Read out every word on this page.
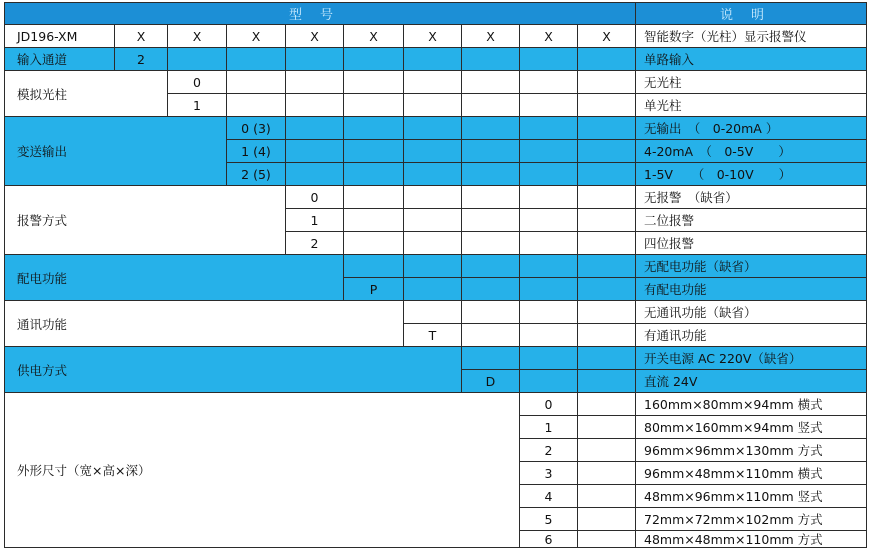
型号	说明
JD196-XM	X	X	X	X	X	X	X	X	X	智能数字（光柱）显示报警仪
输入通道	2	单路输入
模拟光柱
0	无光柱
1	单光柱
变送输出
0 (3)	无输出　（　0-20mA ）
1 (4)	4-20mA　（　0-5V　　）
2 (5)	1-5V　　（　0-10V　　）
报警方式
0	无报警　（缺省）
1	二位报警
2	四位报警
配电功能
无配电功能（缺省）
P	有配电功能
通讯功能
无通讯功能（缺省）
T	有通讯功能
供电方式
开关电源 AC 220V（缺省）
D	直流 24V
外形尺寸（宽×高×深）
0	160mm×80mm×94mm 横式
1	80mm×160mm×94mm 竖式
2	96mm×96mm×130mm 方式
3	96mm×48mm×110mm 横式
4	48mm×96mm×110mm 竖式
5	72mm×72mm×102mm 方式
6	48mm×48mm×110mm 方式
